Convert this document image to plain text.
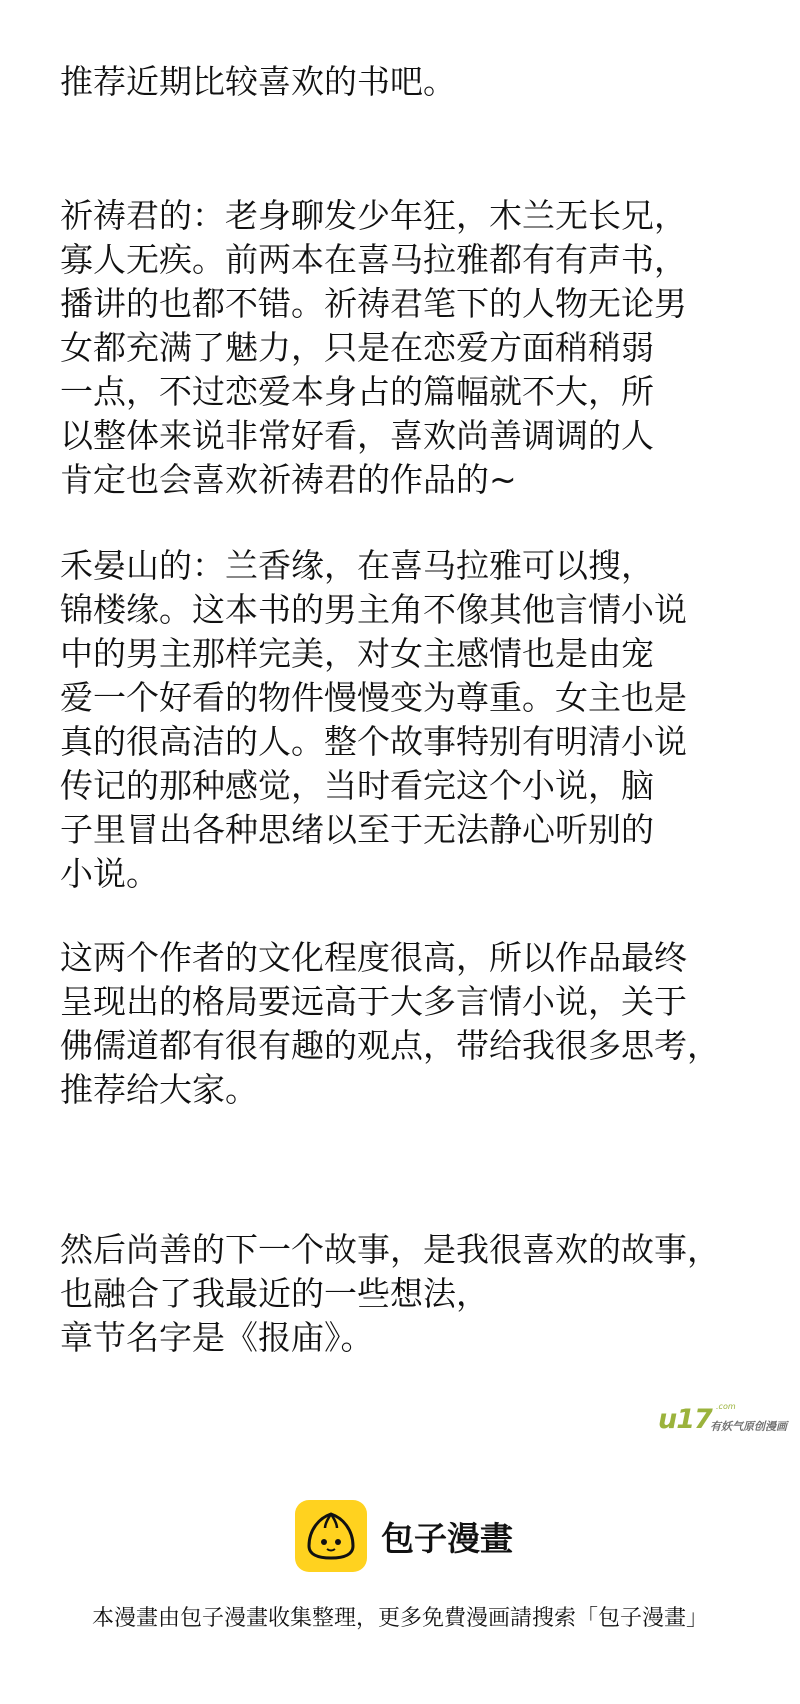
推荐近期比较喜欢的书吧。
祈祷君的：老身聊发少年狂，木兰无长兄，
寡人无疾。前两本在喜马拉雅都有有声书，
播讲的也都不错。祈祷君笔下的人物无论男
女都充满了魅力，只是在恋爱方面稍稍弱
一点，不过恋爱本身占的篇幅就不大，所
以整体来说非常好看，喜欢尚善调调的人
肯定也会喜欢祈祷君的作品的~
禾晏山的：兰香缘，在喜马拉雅可以搜，
锦楼缘。这本书的男主角不像其他言情小说
中的男主那样完美，对女主感情也是由宠
爱一个好看的物件慢慢变为尊重。女主也是
真的很高洁的人。整个故事特别有明清小说
传记的那种感觉，当时看完这个小说，脑
子里冒出各种思绪以至于无法静心听别的
小说。
这两个作者的文化程度很高，所以作品最终
呈现出的格局要远高于大多言情小说，关于
佛儒道都有很有趣的观点，带给我很多思考，
推荐给大家。
然后尚善的下一个故事，是我很喜欢的故事，
也融合了我最近的一些想法，
章节名字是《报庙》。
u17 .com
有妖气原创漫画
包子漫畫
本漫畫由包子漫畫收集整理，更多免費漫画請搜索「包子漫畫」
